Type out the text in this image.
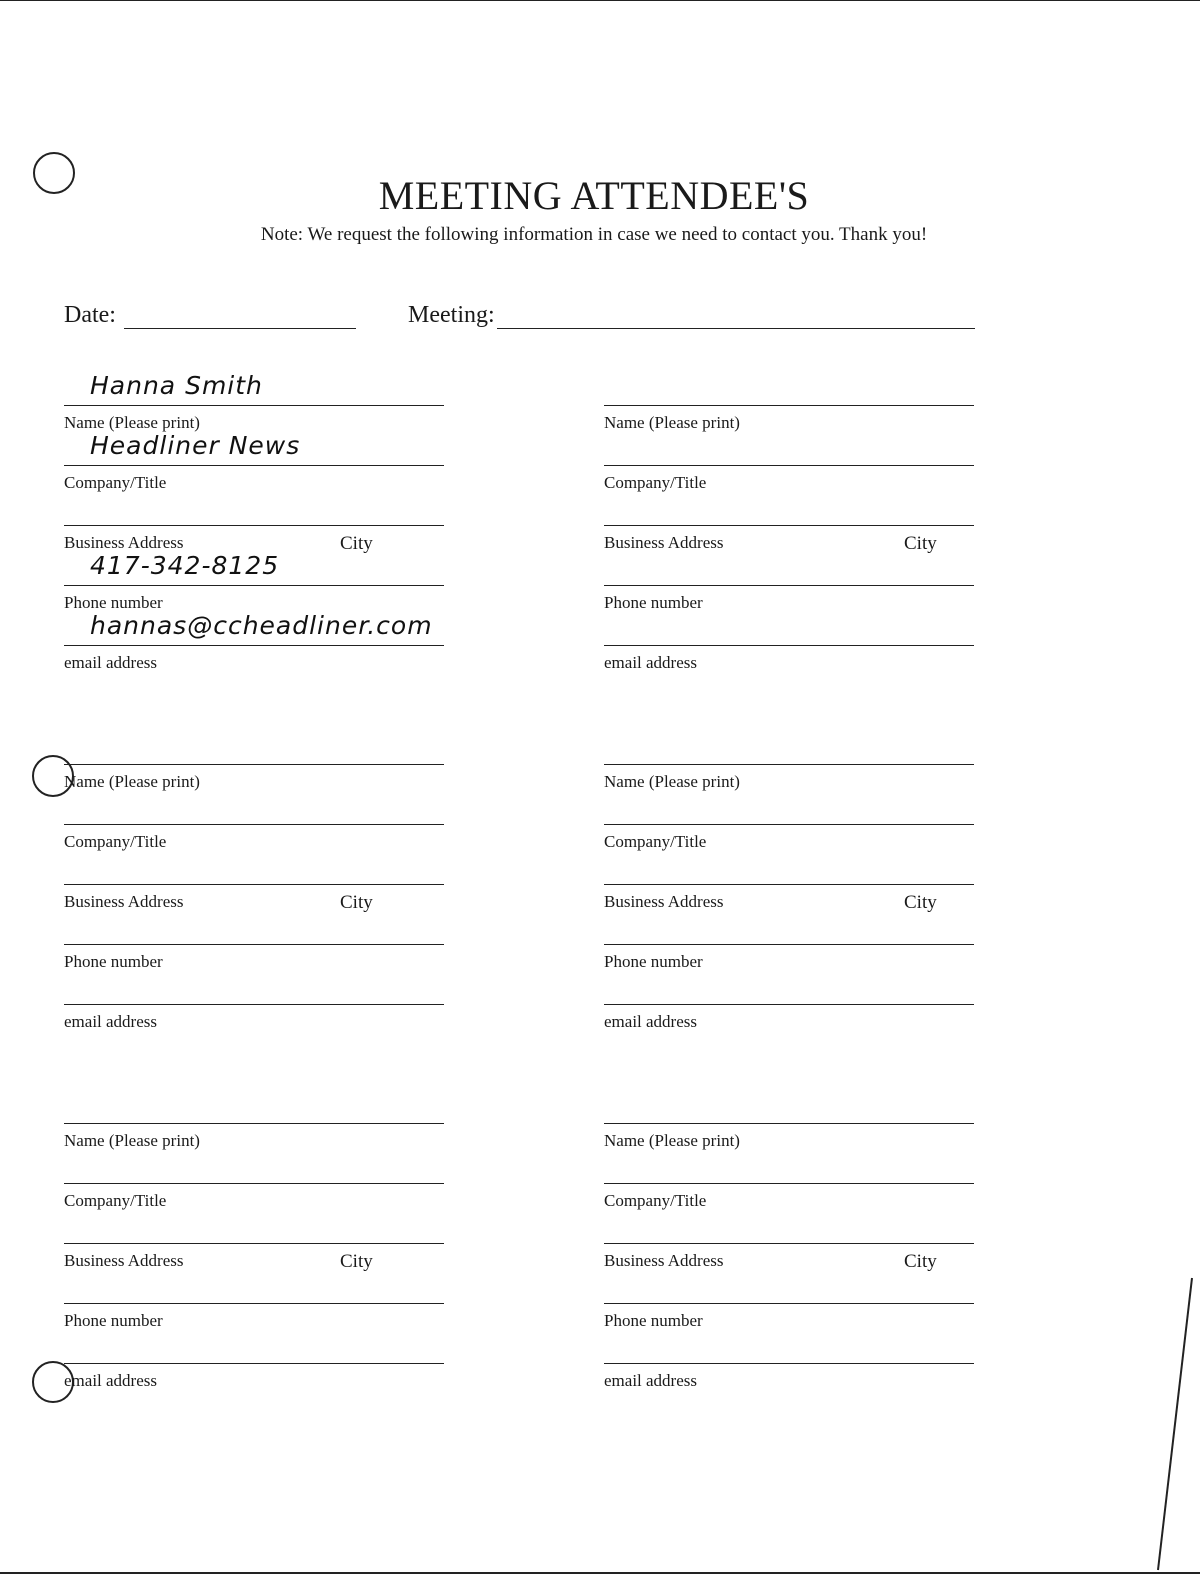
MEETING ATTENDEE'S
Note: We request the following information in case we need to contact you. Thank you!
Date:	Meeting:
Hanna Smith
Name (Please print)
Headliner News
Company/Title
Business Address	City
417-342-8125
Phone number
hannas@ccheadliner.com
email address
Name (Please print)
Company/Title
Business Address	City
Phone number
email address
Name (Please print)
Company/Title
Business Address	City
Phone number
email address
Name (Please print)
Company/Title
Business Address	City
Phone number
email address
Name (Please print)
Company/Title
Business Address	City
Phone number
email address
Name (Please print)
Company/Title
Business Address	City
Phone number
email address
